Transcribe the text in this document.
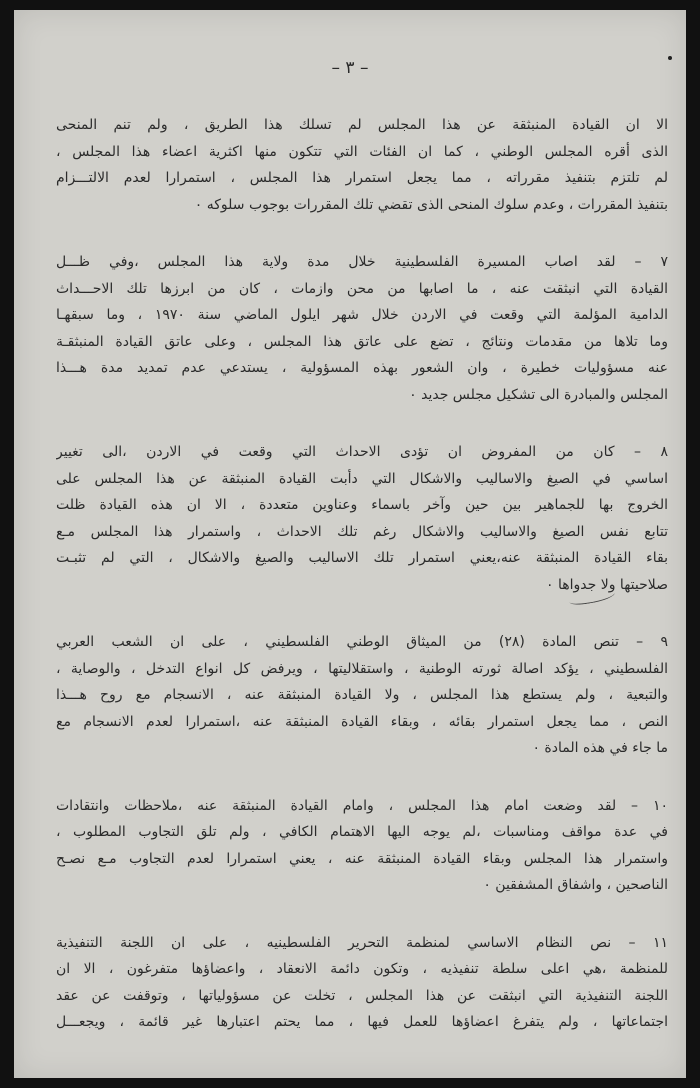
– ٣ –
الا ان القيادة المنبثقة عن هذا المجلس لم تسلك هذا الطريق ، ولم تنم المنحى
الذى أقره المجلس الوطني ، كما ان الفئات التي تتكون منها اكثرية اعضاء هذا المجلس ،
لم تلتزم بتنفيذ مقرراته ، مما يجعل استمرار هذا المجلس ، استمرارا لعدم الالتـــزام
بتنفيذ المقررات ، وعدم سلوك المنحى الذى تقضي تلك المقررات بوجوب سلوكه ٠
٧ – لقد اصاب المسيرة الفلسطينية خلال مدة ولاية هذا المجلس ،وفي ظـــل
القيادة التي انبثقت عنه ، ما اصابها من محن وازمات ، كان من ابرزها تلك الاحـــداث
الدامية المؤلمة التي وقعت في الاردن خلال شهر ايلول الماضي سنة ١٩٧٠ ، وما سبقهـا
وما تلاها من مقدمات ونتائج ، تضع على عاتق هذا المجلس ، وعلى عاتق القيادة المنبثقـة
عنه مسؤوليات خطيرة ، وان الشعور بهذه المسؤولية ، يستدعي عدم تمديد مدة هـــذا
المجلس والمبادرة الى تشكيل مجلس جديد ٠
٨ – كان من المفروض ان تؤدى الاحداث التي وقعت في الاردن ،الى تغيير
اساسي في الصيغ والاساليب والاشكال التي دأبت القيادة المنبثقة عن هذا المجلس على
الخروج بها للجماهير بين حين وآخر باسماء وعناوين متعددة ، الا ان هذه القيادة ظلت
تتابع نفس الصيغ والاساليب والاشكال رغم تلك الاحداث ، واستمرار هذا المجلس مـع
بقاء القيادة المنبثقة عنه،يعني استمرار تلك الاساليب والصيغ والاشكال ، التي لم تثبـت
صلاحيتها ولا جدواها ٠
٩ – تنص المادة (٢٨) من الميثاق الوطني الفلسطيني ، على ان الشعب العربي
الفلسطيني ، يؤكد اصالة ثورته الوطنية ، واستقلاليتها ، ويرفض كل انواع التدخل ، والوصاية ،
والتبعية ، ولم يستطع هذا المجلس ، ولا القيادة المنبثقة عنه ، الانسجام مع روح هـــذا
النص ، مما يجعل استمرار بقائه ، وبقاء القيادة المنبثقة عنه ،استمرارا لعدم الانسجام مع
ما جاء في هذه المادة ٠
١٠ – لقد وضعت امام هذا المجلس ، وامام القيادة المنبثقة عنه ،ملاحظات وانتقادات
في عدة مواقف ومناسبات ،لم يوجه اليها الاهتمام الكافي ، ولم تلق التجاوب المطلوب ،
واستمرار هذا المجلس وبقاء القيادة المنبثقة عنه ، يعني استمرارا لعدم التجاوب مـع نصـح
الناصحين ، واشفاق المشفقين ٠
١١ – نص النظام الاساسي لمنظمة التحرير الفلسطينيه ، على ان اللجنة التنفيذية
للمنظمة ،هي اعلى سلطة تنفيذيه ، وتكون دائمة الانعقاد ، واعضاؤها متفرغون ، الا ان
اللجنة التنفيذية التي انبثقت عن هذا المجلس ، تخلت عن مسؤولياتها ، وتوقفت عن عقد
اجتماعاتها ، ولم يتفرغ اعضاؤها للعمل فيها ، مما يحتم اعتبارها غير قائمة ، ويجعـــل
